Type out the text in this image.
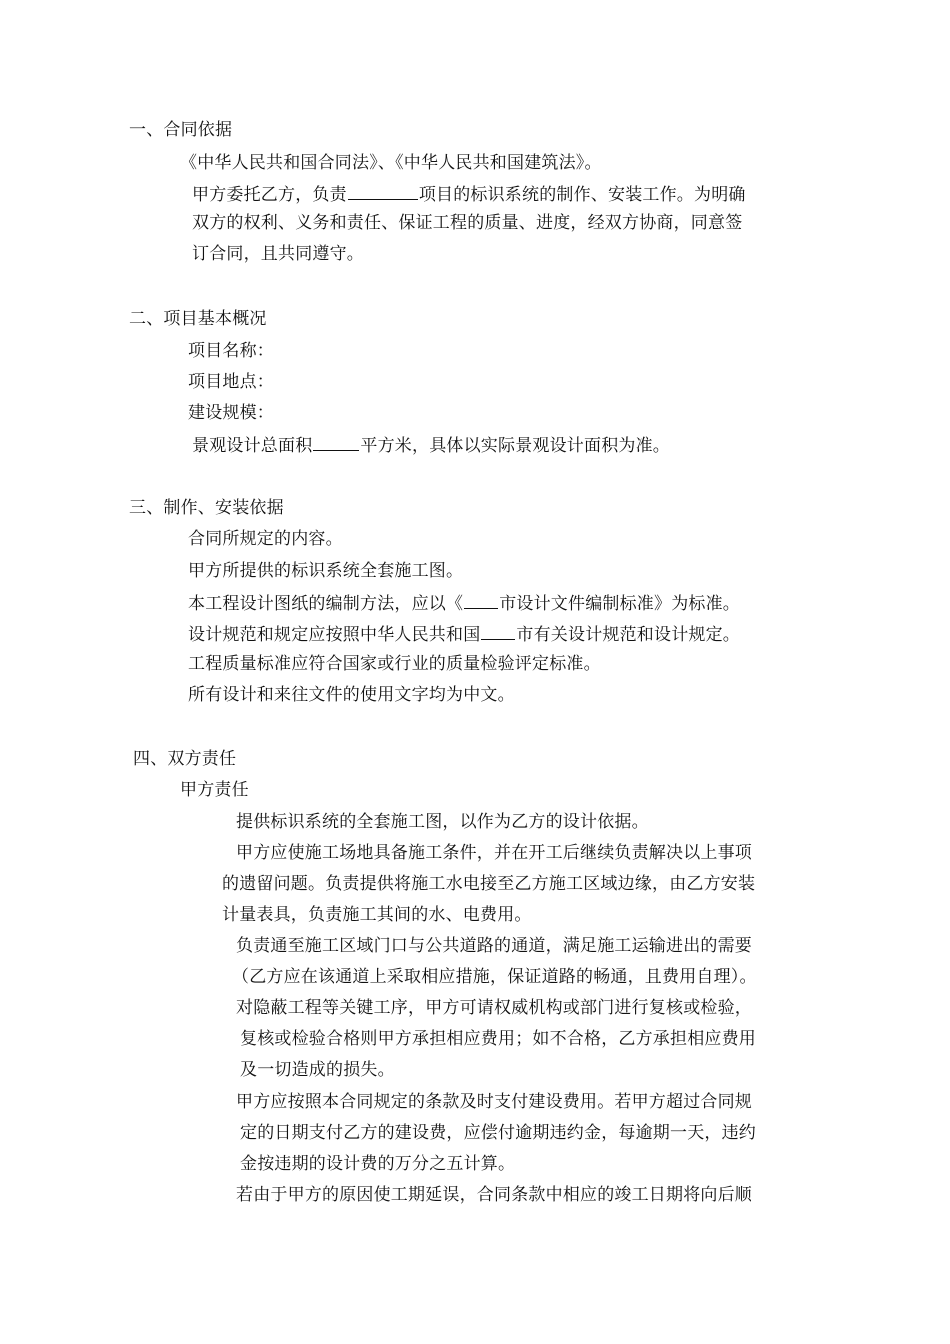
一、合同依据
《中华人民共和国合同法》、《中华人民共和国建筑法》。
甲方委托乙方，负责	项目的标识系统的制作、安装工作。为明确
双方的权利、义务和责任、保证工程的质量、进度，经双方协商，同意签
订合同，且共同遵守。
二、项目基本概况
项目名称：
项目地点：
建设规模：
景观设计总面积	平方米，具体以实际景观设计面积为准。
三、制作、安装依据
合同所规定的内容。
甲方所提供的标识系统全套施工图。
本工程设计图纸的编制方法，应以《 市设计文件编制标准》为标准。
设计规范和规定应按照中华人民共和国 市有关设计规范和设计规定。
工程质量标准应符合国家或行业的质量检验评定标准。
所有设计和来往文件的使用文字均为中文。
四、双方责任
甲方责任
提供标识系统的全套施工图，以作为乙方的设计依据。
甲方应使施工场地具备施工条件，并在开工后继续负责解决以上事项
的遗留问题。负责提供将施工水电接至乙方施工区域边缘，由乙方安装
计量表具，负责施工其间的水、电费用。
负责通至施工区域门口与公共道路的通道，满足施工运输进出的需要
（乙方应在该通道上采取相应措施，保证道路的畅通，且费用自理）。
对隐蔽工程等关键工序，甲方可请权威机构或部门进行复核或检验，
复核或检验合格则甲方承担相应费用；如不合格，乙方承担相应费用
及一切造成的损失。
甲方应按照本合同规定的条款及时支付建设费用。若甲方超过合同规
定的日期支付乙方的建设费，应偿付逾期违约金，每逾期一天，违约
金按违期的设计费的万分之五计算。
若由于甲方的原因使工期延误，合同条款中相应的竣工日期将向后顺
